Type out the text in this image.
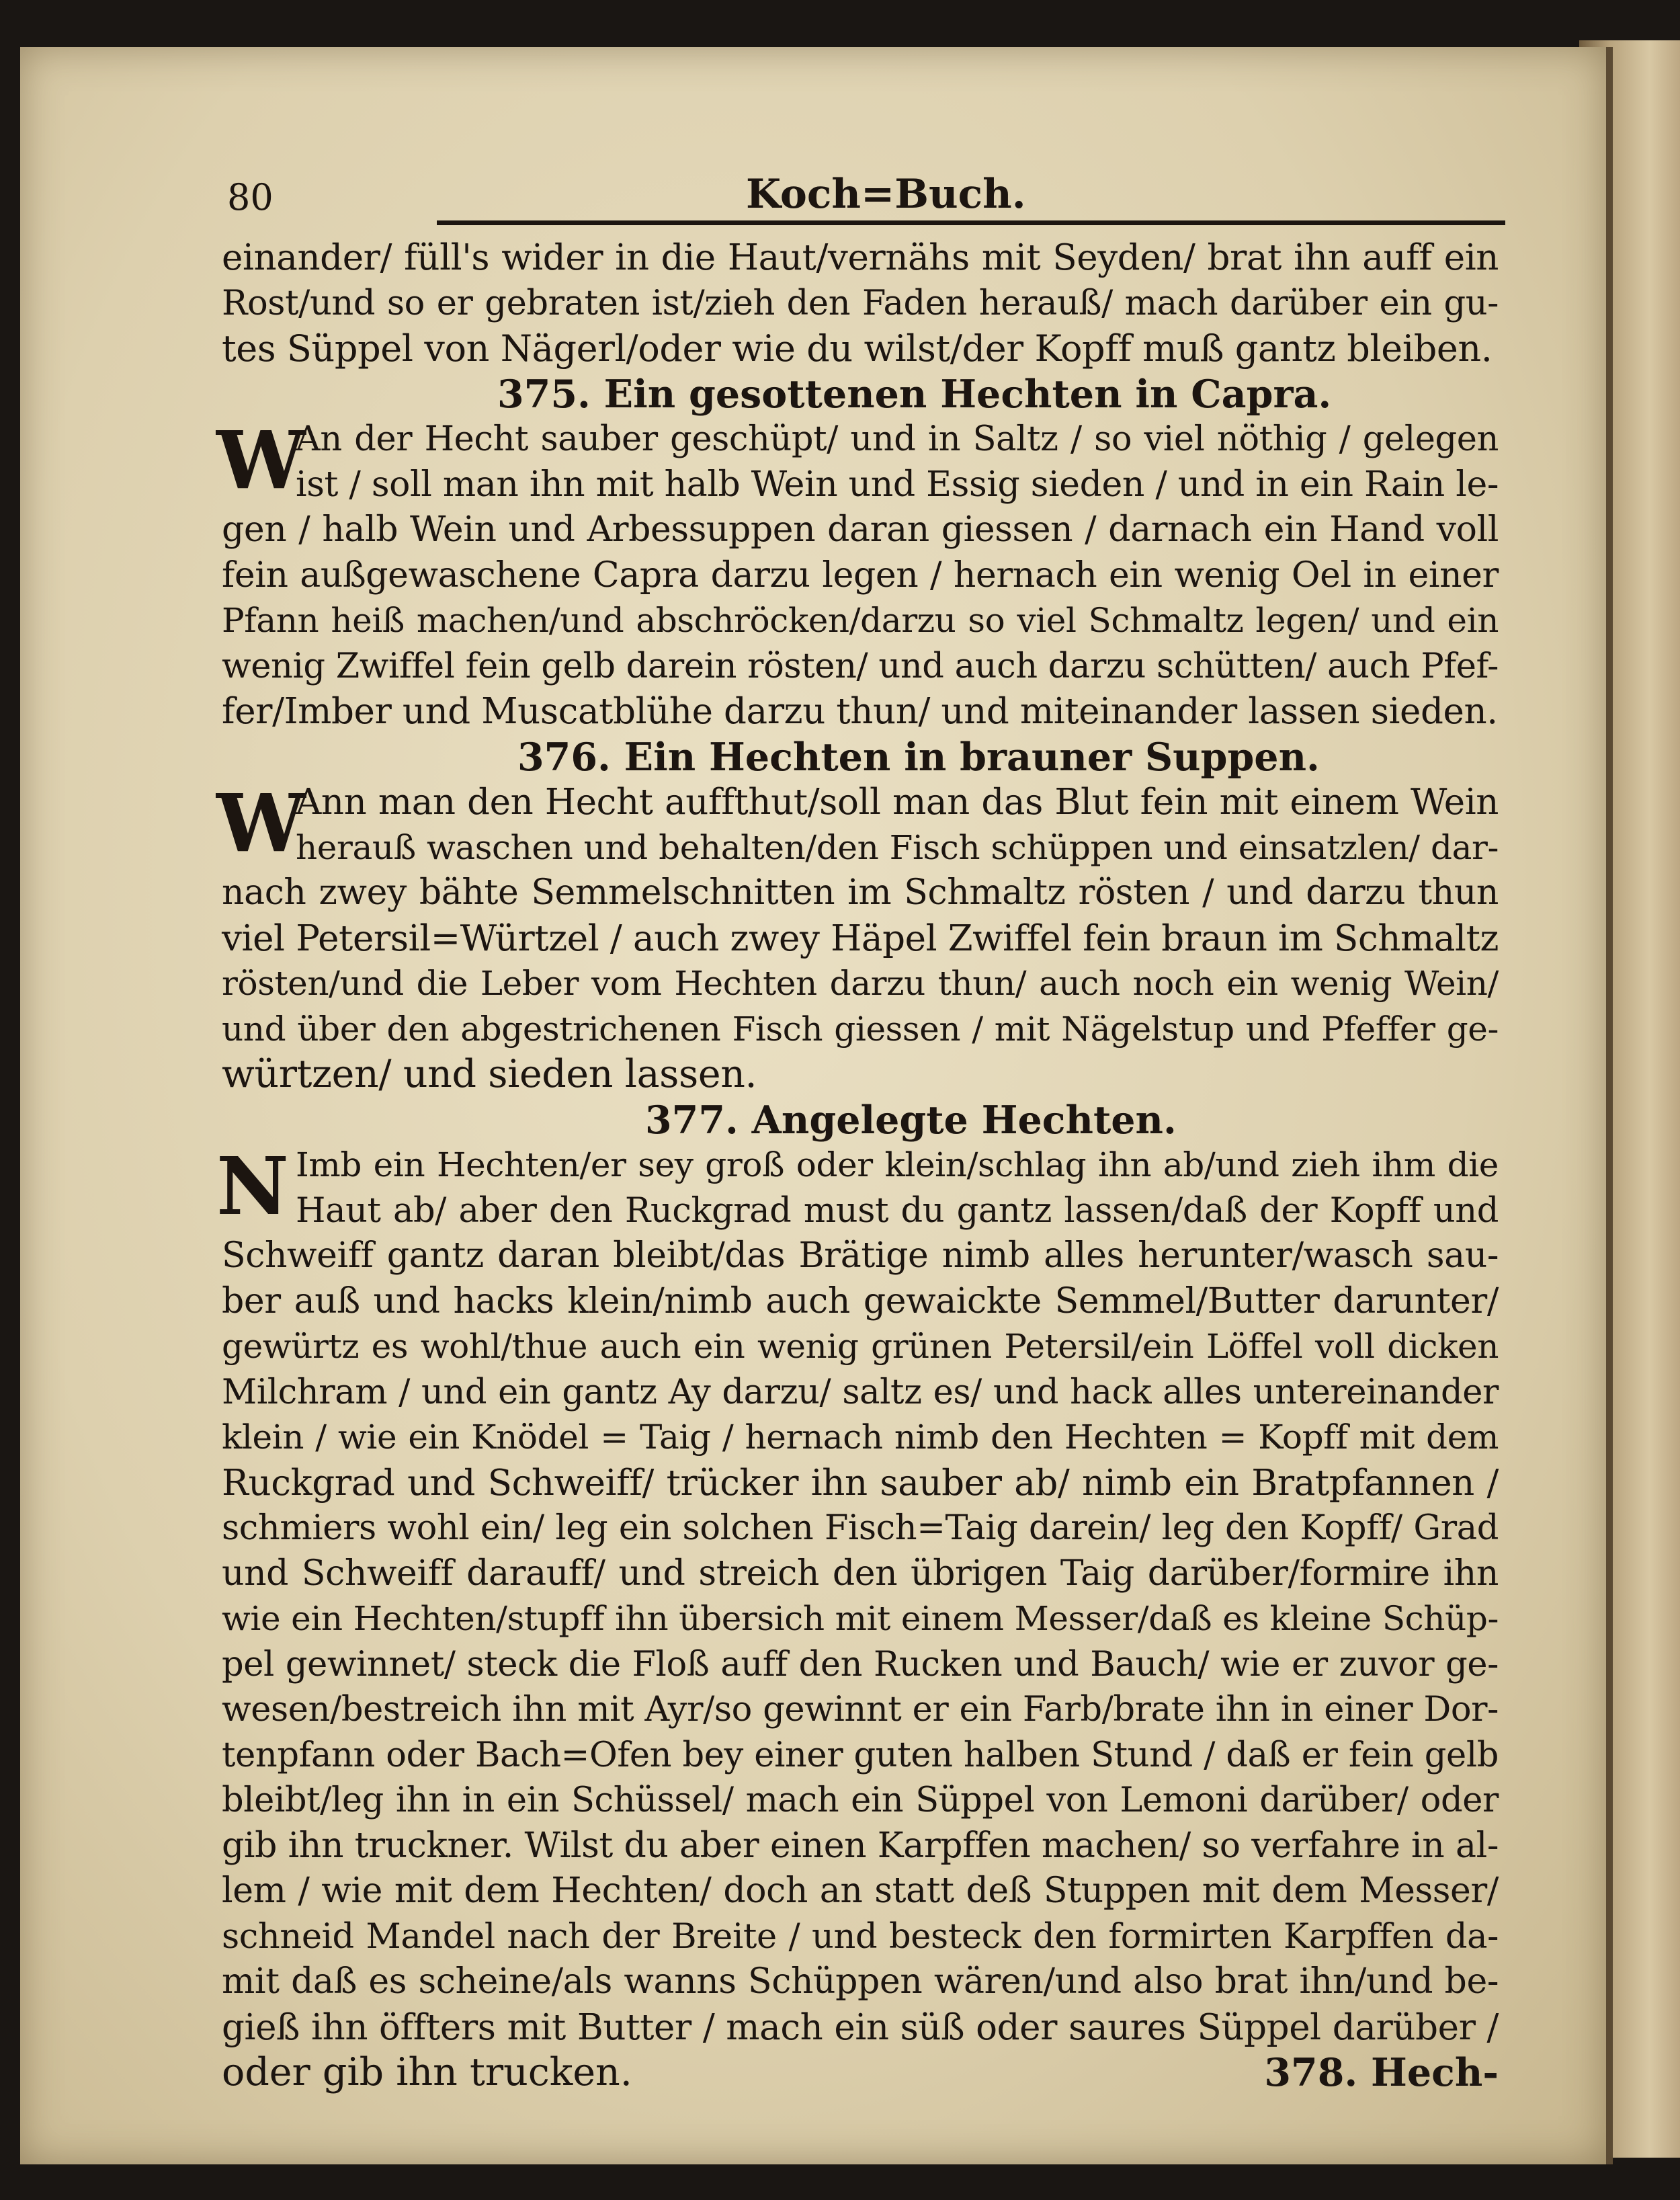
80	Koch=Buch.
einander/ füll's wider in die Haut/vernähs mit Seyden/ brat ihn auff ein
Rost/und so er gebraten ist/zieh den Faden herauß/ mach darüber ein gu-
tes Süppel von Nägerl/oder wie du wilst/der Kopff muß gantz bleiben.
375. Ein gesottenen Hechten in Capra.
W
An der Hecht sauber geschüpt/ und in Saltz / so viel nöthig / gelegen
ist / soll man ihn mit halb Wein und Essig sieden / und in ein Rain le-
gen / halb Wein und Arbessuppen daran giessen / darnach ein Hand voll
fein außgewaschene Capra darzu legen / hernach ein wenig Oel in einer
Pfann heiß machen/und abschröcken/darzu so viel Schmaltz legen/ und ein
wenig Zwiffel fein gelb darein rösten/ und auch darzu schütten/ auch Pfef-
fer/Imber und Muscatblühe darzu thun/ und miteinander lassen sieden.
376. Ein Hechten in brauner Suppen.
W
Ann man den Hecht auffthut/soll man das Blut fein mit einem Wein
herauß waschen und behalten/den Fisch schüppen und einsatzlen/ dar-
nach zwey bähte Semmelschnitten im Schmaltz rösten / und darzu thun
viel Petersil=Würtzel / auch zwey Häpel Zwiffel fein braun im Schmaltz
rösten/und die Leber vom Hechten darzu thun/ auch noch ein wenig Wein/
und über den abgestrichenen Fisch giessen / mit Nägelstup und Pfeffer ge-
würtzen/ und sieden lassen.
377. Angelegte Hechten.
N Imb ein Hechten/er sey groß oder klein/schlag ihn ab/und zieh ihm die
Haut ab/ aber den Ruckgrad must du gantz lassen/daß der Kopff und
Schweiff gantz daran bleibt/das Brätige nimb alles herunter/wasch sau-
ber auß und hacks klein/nimb auch gewaickte Semmel/Butter darunter/
gewürtz es wohl/thue auch ein wenig grünen Petersil/ein Löffel voll dicken
Milchram / und ein gantz Ay darzu/ saltz es/ und hack alles untereinander
klein / wie ein Knödel = Taig / hernach nimb den Hechten = Kopff mit dem
Ruckgrad und Schweiff/ trücker ihn sauber ab/ nimb ein Bratpfannen /
schmiers wohl ein/ leg ein solchen Fisch=Taig darein/ leg den Kopff/ Grad
und Schweiff darauff/ und streich den übrigen Taig darüber/formire ihn
wie ein Hechten/stupff ihn übersich mit einem Messer/daß es kleine Schüp-
pel gewinnet/ steck die Floß auff den Rucken und Bauch/ wie er zuvor ge-
wesen/bestreich ihn mit Ayr/so gewinnt er ein Farb/brate ihn in einer Dor-
tenpfann oder Bach=Ofen bey einer guten halben Stund / daß er fein gelb
bleibt/leg ihn in ein Schüssel/ mach ein Süppel von Lemoni darüber/ oder
gib ihn truckner. Wilst du aber einen Karpffen machen/ so verfahre in al-
lem / wie mit dem Hechten/ doch an statt deß Stuppen mit dem Messer/
schneid Mandel nach der Breite / und besteck den formirten Karpffen da-
mit daß es scheine/als wanns Schüppen wären/und also brat ihn/und be-
gieß ihn öffters mit Butter / mach ein süß oder saures Süppel darüber /
oder gib ihn trucken.	378. Hech-
